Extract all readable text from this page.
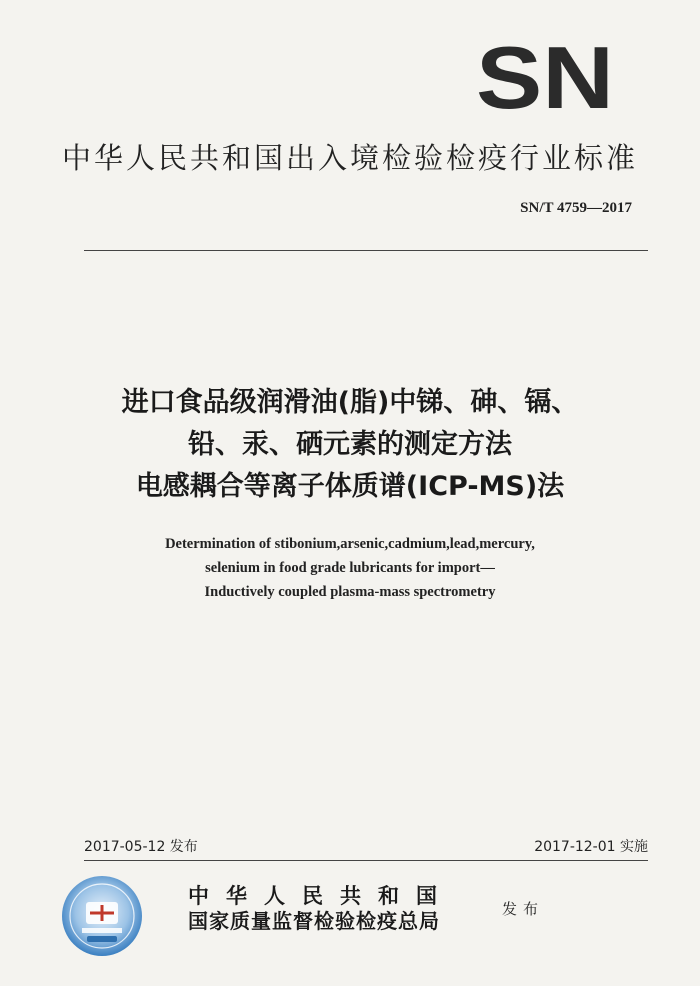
SN
中华人民共和国出入境检验检疫行业标准
SN/T 4759—2017
进口食品级润滑油(脂)中锑、砷、镉、
铅、汞、硒元素的测定方法
电感耦合等离子体质谱(ICP-MS)法
Determination of stibonium,arsenic,cadmium,lead,mercury,
selenium in food grade lubricants for import—
Inductively coupled plasma-mass spectrometry
2017-05-12 发布	2017-12-01 实施
中华人民共和国
国家质量监督检验检疫总局	发布
